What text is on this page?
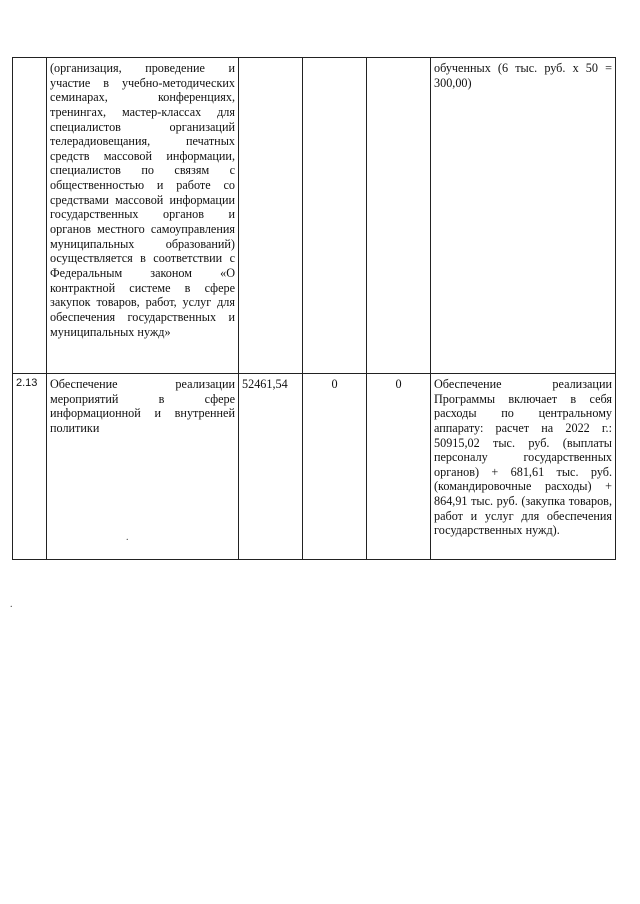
	(организация, проведение и участие в учебно-методических семинарах, конференциях, тренингах, мастер-классах для специалистов организаций телерадиовещания, печатных средств массовой информации, специалистов по связям с общественностью и работе со средствами массовой информации государственных органов и органов местного самоуправления муниципальных образований) осуществляется в соответствии с Федеральным законом «О контрактной системе в сфере закупок товаров, работ, услуг для обеспечения государственных и муниципальных нужд»				обученных (6 тыс. руб. х 50 = 300,00)
2.13	Обеспечение реализации мероприятий в сфере информационной и внутренней политики	52461,54	0	0	Обеспечение реализации Программы включает в себя расходы по центральному аппарату: расчет на 2022 г.: 50915,02 тыс. руб. (выплаты персоналу государственных органов) + 681,61 тыс. руб. (командировочные расходы) + 864,91 тыс. руб. (закупка товаров, работ и услуг для обеспечения государственных нужд).
.
.
